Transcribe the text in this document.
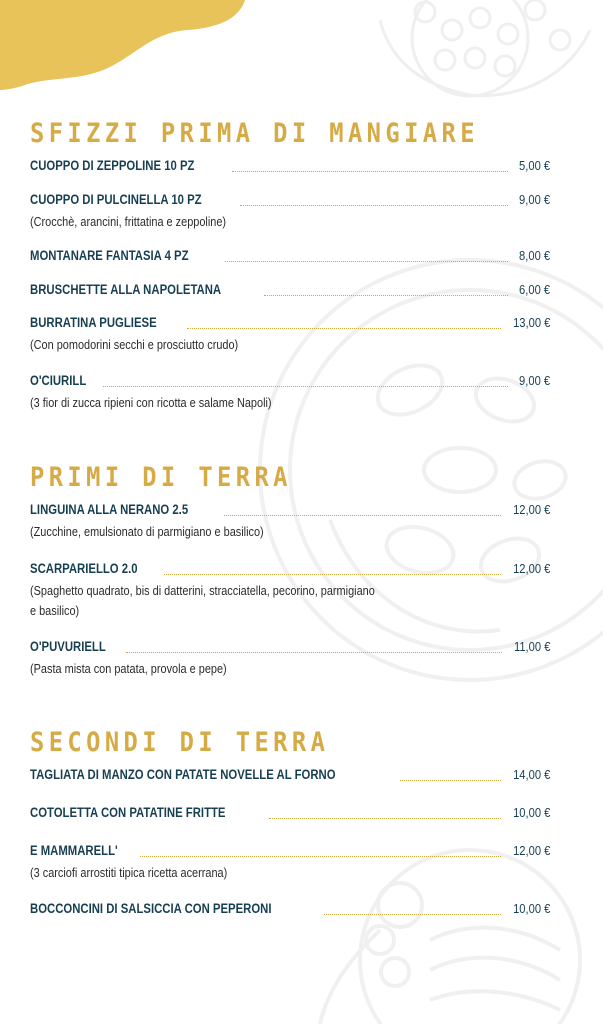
SFIZZI PRIMA DI MANGIARE
CUOPPO DI ZEPPOLINE 10 PZ	5,00 €
CUOPPO DI PULCINELLA 10 PZ	9,00 €
(Crocchè, arancini, frittatina e zeppoline)
MONTANARE FANTASIA 4 PZ	8,00 €
BRUSCHETTE ALLA NAPOLETANA	6,00 €
BURRATINA PUGLIESE	13,00 €
(Con pomodorini secchi e prosciutto crudo)
O'CIURILL	9,00 €
(3 fior di zucca ripieni con ricotta e salame Napoli)
PRIMI DI TERRA
LINGUINA ALLA NERANO 2.5	12,00 €
(Zucchine, emulsionato di parmigiano e basilico)
SCARPARIELLO 2.0	12,00 €
(Spaghetto quadrato, bis di datterini, stracciatella, pecorino, parmigiano e basilico)
O'PUVURIELL	11,00 €
(Pasta mista con patata, provola e pepe)
SECONDI DI TERRA
TAGLIATA DI MANZO CON PATATE NOVELLE AL FORNO	14,00 €
COTOLETTA CON PATATINE FRITTE	10,00 €
E MAMMARELL'	12,00 €
(3 carciofi arrostiti tipica ricetta acerrana)
BOCCONCINI DI SALSICCIA CON PEPERONI	10,00 €
